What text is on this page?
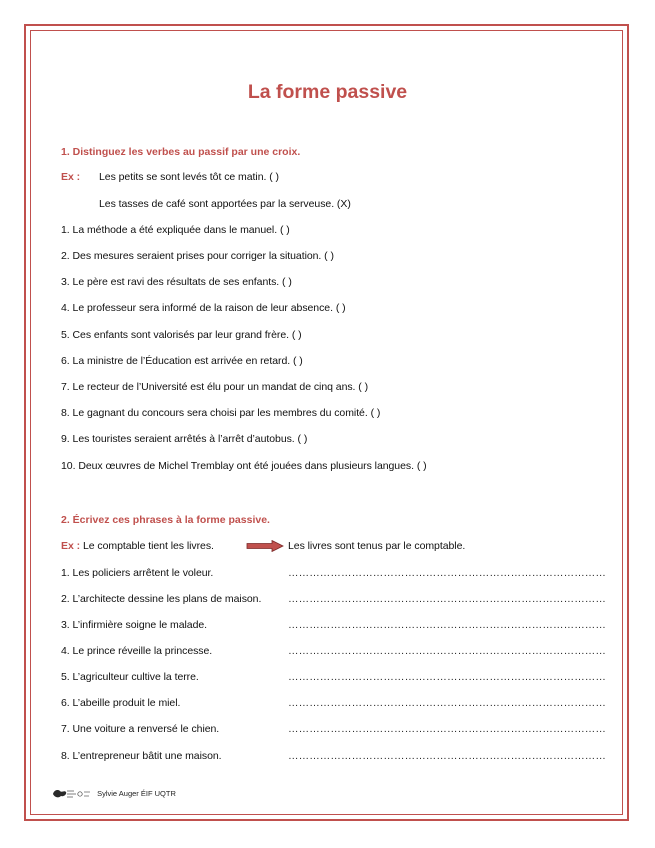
La forme passive
1. Distinguez les verbes au passif par une croix.
Ex : Les petits se sont levés tôt ce matin. ( )
Les tasses de café sont apportées par la serveuse. (X)
1. La méthode a été expliquée dans le manuel. ( )
2. Des mesures seraient prises pour corriger la situation. ( )
3. Le père est ravi des résultats de ses enfants. ( )
4. Le professeur sera informé de la raison de leur absence. ( )
5. Ces enfants sont valorisés par leur grand frère. ( )
6. La ministre de l’Éducation est arrivée en retard. ( )
7. Le recteur de l’Université est élu pour un mandat de cinq ans. ( )
8. Le gagnant du concours sera choisi par les membres du comité. ( )
9. Les touristes seraient arrêtés à l’arrêt d’autobus. ( )
10. Deux œuvres de Michel Tremblay ont été jouées dans plusieurs langues. ( )
2. Écrivez ces phrases à la forme passive.
Ex : Le comptable tient les livres.	Les livres sont tenus par le comptable.
1. Les policiers arrêtent le voleur.	………………………………………………………………………………
2. L’architecte dessine les plans de maison.	………………………………………………………………………………
3. L’infirmière soigne le malade.	………………………………………………………………………………
4. Le prince réveille la princesse.	………………………………………………………………………………
5. L’agriculteur cultive la terre.	………………………………………………………………………………
6. L’abeille produit le miel.	………………………………………………………………………………
7. Une voiture a renversé le chien.	………………………………………………………………………………
8. L’entrepreneur bâtit une maison.	………………………………………………………………………………
Sylvie Auger ÉIF UQTR
